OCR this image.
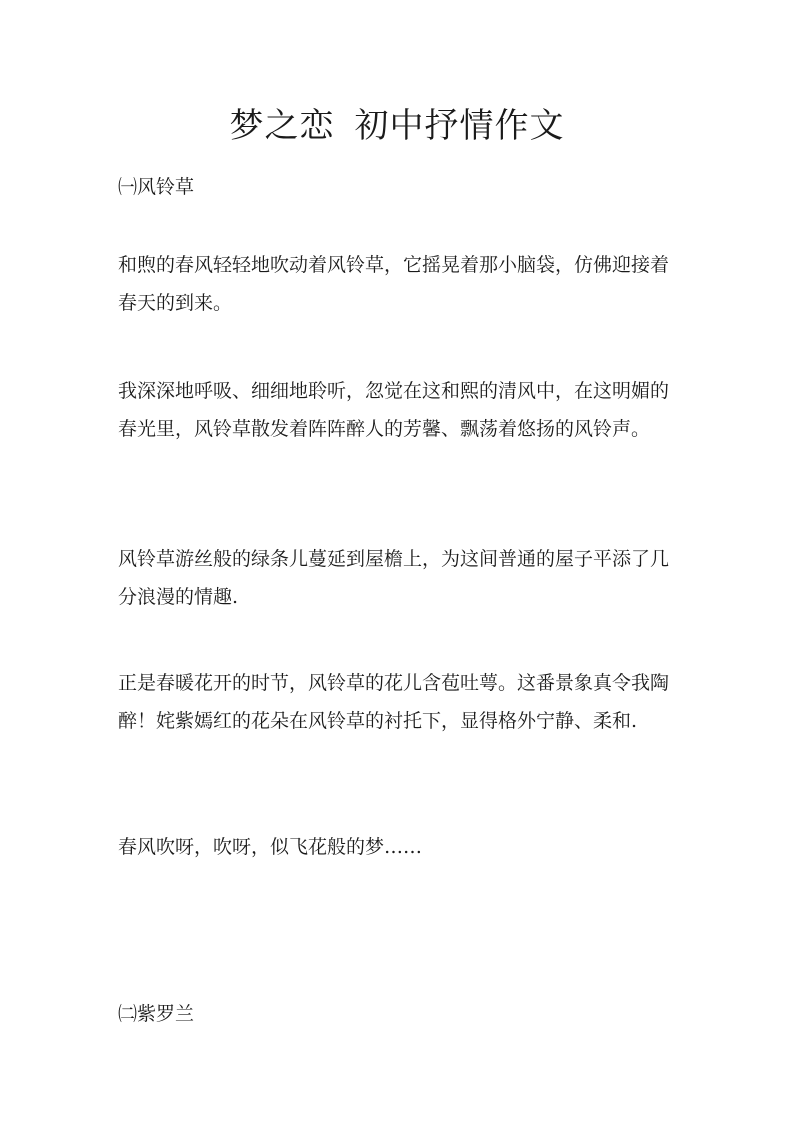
梦之恋 初中抒情作文

㈠风铃草

和煦的春风轻轻地吹动着风铃草，它摇晃着那小脑袋，仿佛迎接着春天的到来。

我深深地呼吸、细细地聆听，忽觉在这和熙的清风中，在这明媚的春光里，风铃草散发着阵阵醉人的芳馨、飘荡着悠扬的风铃声。

风铃草游丝般的绿条儿蔓延到屋檐上，为这间普通的屋子平添了几分浪漫的情趣.

正是春暖花开的时节，风铃草的花儿含苞吐萼。这番景象真令我陶醉！姹紫嫣红的花朵在风铃草的衬托下，显得格外宁静、柔和.

春风吹呀，吹呀，似飞花般的梦……

㈡紫罗兰
